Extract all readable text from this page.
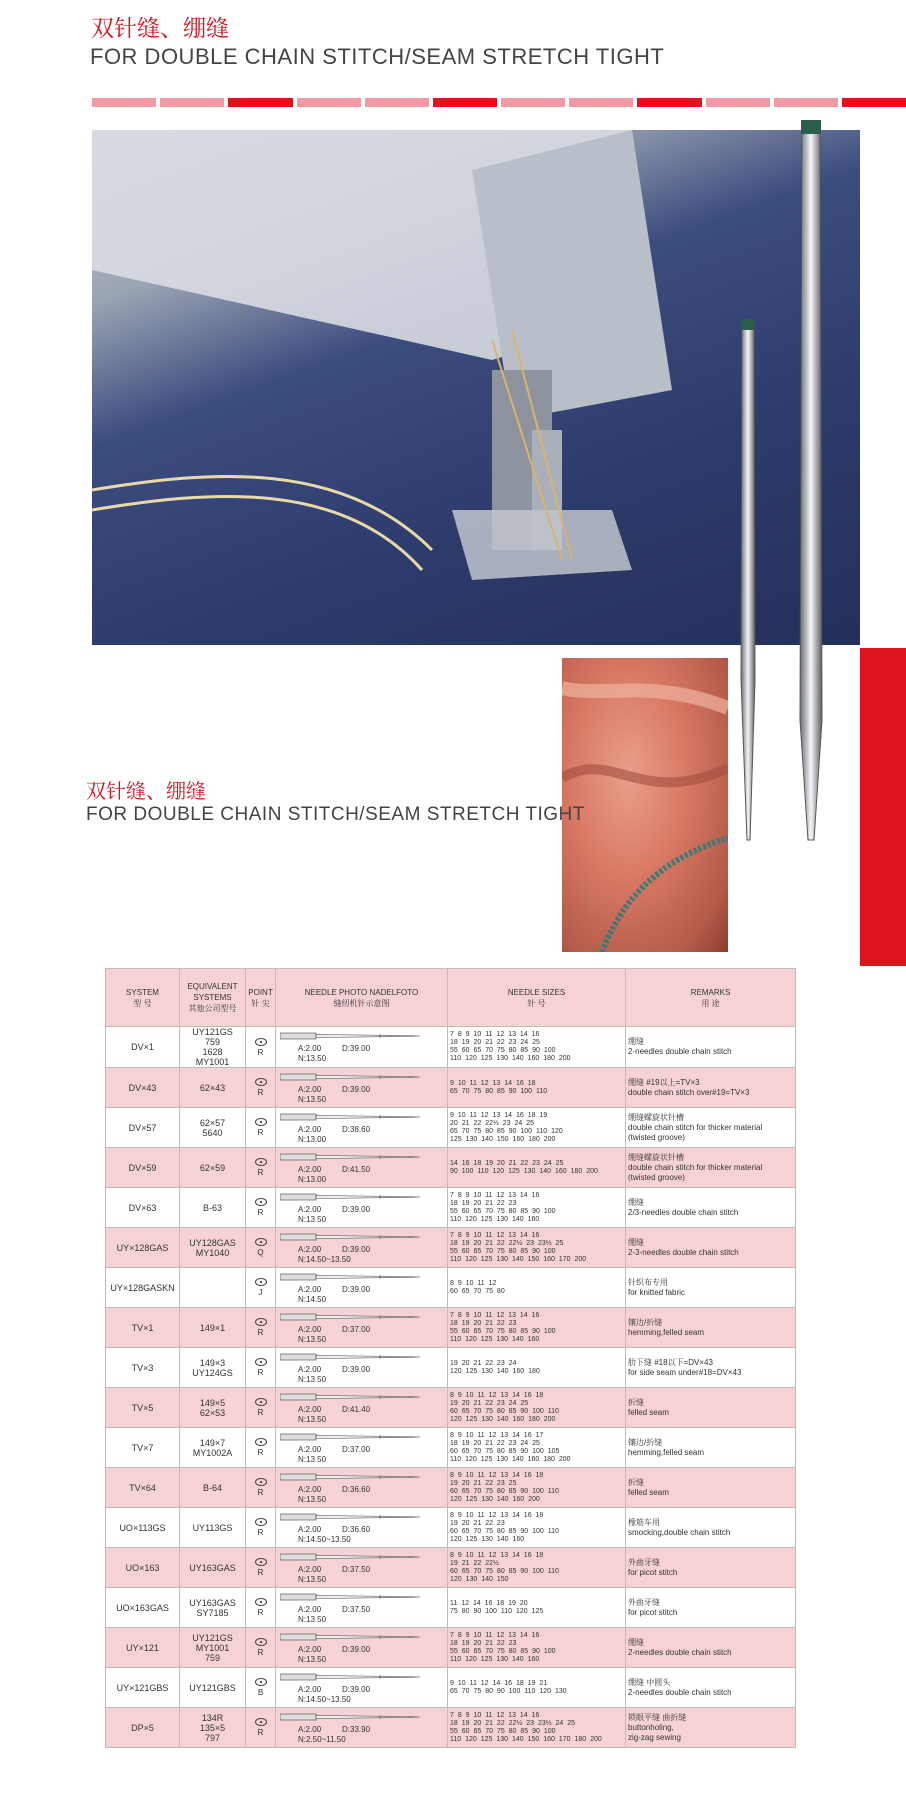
双针缝、绷缝
FOR DOUBLE CHAIN STITCH/SEAM STRETCH TIGHT
双针缝、绷缝
FOR DOUBLE CHAIN STITCH/SEAM STRETCH TIGHT
SYSTEM
型 号	EQUIVALENT SYSTEMS
其他公司型号	POINT
针 尖	NEEDLE PHOTO NADELFOTO
缝纫机针示意图	NEEDLE SIZES
针 号	REMARKS
用 途
DV×1	UY121GS
759
1628
MY1001	R	A:2.00 D:39.00
N:13.50	7 8 9 10 11 12 13 14 16
18 19 20 21 22 23 24 25
55 60 65 70 75 80 85 90 100
110 120 125 130 140 160 180 200	绷缝
2-needles double chain stitch
DV×43	62×43	R	A:2.00 D:39.00
N:13.50	9 10 11 12 13 14 16 18
65 70 75 80 85 90 100 110	绷缝 #19以上=TV×3
double chain stitch over#19=TV×3
DV×57	62×57
5640	R	A:2.00 D:38.60
N:13.00	9 10 11 12 13 14 16 18 19
20 21 22 22½ 23 24 25
65 70 75 80 85 90 100 110 120
125 130 140 150 160 180 200	绷缝螺旋状针槽
double chain stitch for thicker material
(twisted groove)
DV×59	62×59	R	A:2.00 D:41.50
N:13.00	14 16 18 19 20 21 22 23 24 25
90 100 110 120 125 130 140 160 180 200	绷缝螺旋状针槽
double chain stitch for thicker material
(twisted groove)
DV×63	B-63	R	A:2.00 D:39.00
N:13.50	7 8 9 10 11 12 13 14 16
18 19 20 21 22 23
55 60 65 70 75 80 85 90 100
110 120 125 130 140 160	绷缝
2/3-needles double chain stitch
UY×128GAS	UY128GAS
MY1040	Q	A:2.00 D:39.00
N:14.50~13.50	7 8 9 10 11 12 13 14 16
18 19 20 21 22 22½ 23 23½ 25
55 60 65 70 75 80 85 90 100
110 120 125 130 140 150 160 170 200	绷缝
2-3-needles double chain stitch
UY×128GASKN		J	A:2.00 D:39.00
N:14.50	8 9 10 11 12
60 65 70 75 80	针织布专用
for knitted fabric
TV×1	149×1	R	A:2.00 D:37.00
N:13.50	7 8 9 10 11 12 13 14 16
18 19 20 21 22 23
55 60 65 70 75 80 85 90 100
110 120 125 130 140 160	镶边/折缝
hemming,felled seam
TV×3	149×3
UY124GS	R	A:2.00 D:39.00
N:13.50	19 20 21 22 23 24
120 125 130 140 160 180	肋下缝 #18以下=DV×43
for side seam under#18=DV×43
TV×5	149×5
62×53	R	A:2.00 D:41.40
N:13.50	8 9 10 11 12 13 14 16 18
19 20 21 22 23 24 25
60 65 70 75 80 85 90 100 110
120 125 130 140 160 180 200	折缝
felled seam
TV×7	149×7
MY1002A	R	A:2.00 D:37.00
N:13.50	8 9 10 11 12 13 14 16 17
18 19 20 21 22 23 24 25
60 65 70 75 80 85 90 100 105
110 120 125 130 140 160 180 200	镶边/折缝
hemming,felled seam
TV×64	B-64	R	A:2.00 D:36.60
N:13.50	8 9 10 11 12 13 14 16 18
19 20 21 22 23 25
60 65 70 75 80 85 90 100 110
120 125 130 140 160 200	折缝
felled seam
UO×113GS	UY113GS	R	A:2.00 D:36.60
N:14.50~13.50	8 9 10 11 12 13 14 16 18
19 20 21 22 23
60 65 70 75 80 85 90 100 110
120 125 130 140 160	橡筋车用
smocking,double chain stitch
UO×163	UY163GAS	R	A:2.00 D:37.50
N:13.50	8 9 10 11 12 13 14 16 18
19 21 22 22½
60 65 70 75 80 85 90 100 110
120 130 140 150	外曲牙缝
for picot stitch
UO×163GAS	UY163GAS
SY7185	R	A:2.00 D:37.50
N:13.50	11 12 14 16 18 19 20
75 80 90 100 110 120 125	外曲牙缝
for picot stitch
UY×121	UY121GS
MY1001
759	R	A:2.00 D:39.00
N:13.50	7 8 9 10 11 12 13 14 16
18 19 20 21 22 23
55 60 65 70 75 80 85 90 100
110 120 125 130 140 160	绷缝
2-needles double chain stitch
UY×121GBS	UY121GBS	B	A:2.00 D:39.00
N:14.50~13.50	9 10 11 12 14 16 18 19 21
65 70 75 80 90 100 110 120 130	绷缝 中圆头
2-needles double chain stitch
DP×5	134R
135×5
797	R	A:2.00 D:33.90
N:2.50~11.50	7 8 9 10 11 12 13 14 16
18 19 20 21 22 22½ 23 23½ 24 25
55 60 65 70 75 80 85 90 100
110 120 125 130 140 150 160 170 180 200	锁眼平缝 曲折缝
buttonholing,
zig-zag sewing
